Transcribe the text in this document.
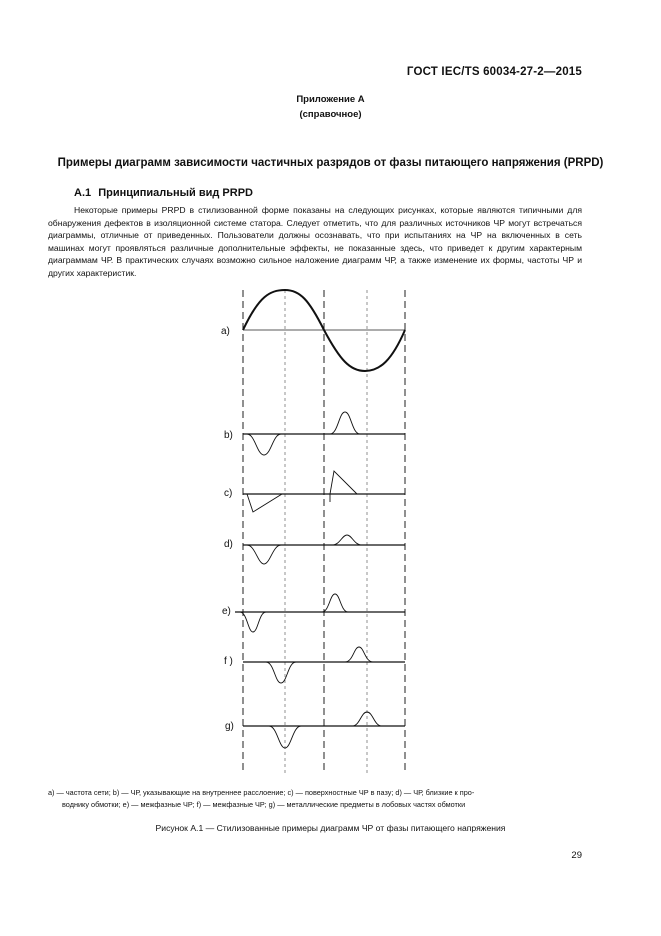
ГОСТ IEC/TS 60034-27-2—2015
Приложение А
(справочное)
Примеры диаграмм зависимости частичных разрядов от фазы питающего напряжения (PRPD)
А.1 Принципиальный вид PRPD
Некоторые примеры PRPD в стилизованной форме показаны на следующих рисунках, которые являются типичными для обнаружения дефектов в изоляционной системе статора. Следует отметить, что для различных источников ЧР могут встречаться диаграммы, отличные от приведенных. Пользователи должны осознавать, что при испытаниях на ЧР на включенных в сеть машинах могут проявляться различные дополнительные эффекты, не показанные здесь, что приведет к другим характерным диаграммам ЧР. В практических случаях возможно сильное наложение диаграмм ЧР, а также изменение их формы, частоты ЧР и других характеристик.
a)
b)
c)
d)
e)
f )
g)
a) — частота сети; b) — ЧР, указывающие на внутреннее расслоение; c) — поверхностные ЧР в пазу; d) — ЧР, близкие к про-
воднику обмотки; e) — межфазные ЧР; f) — межфазные ЧР; g) — металлические предметы в лобовых частях обмотки
Рисунок А.1 — Стилизованные примеры диаграмм ЧР от фазы питающего напряжения
29
